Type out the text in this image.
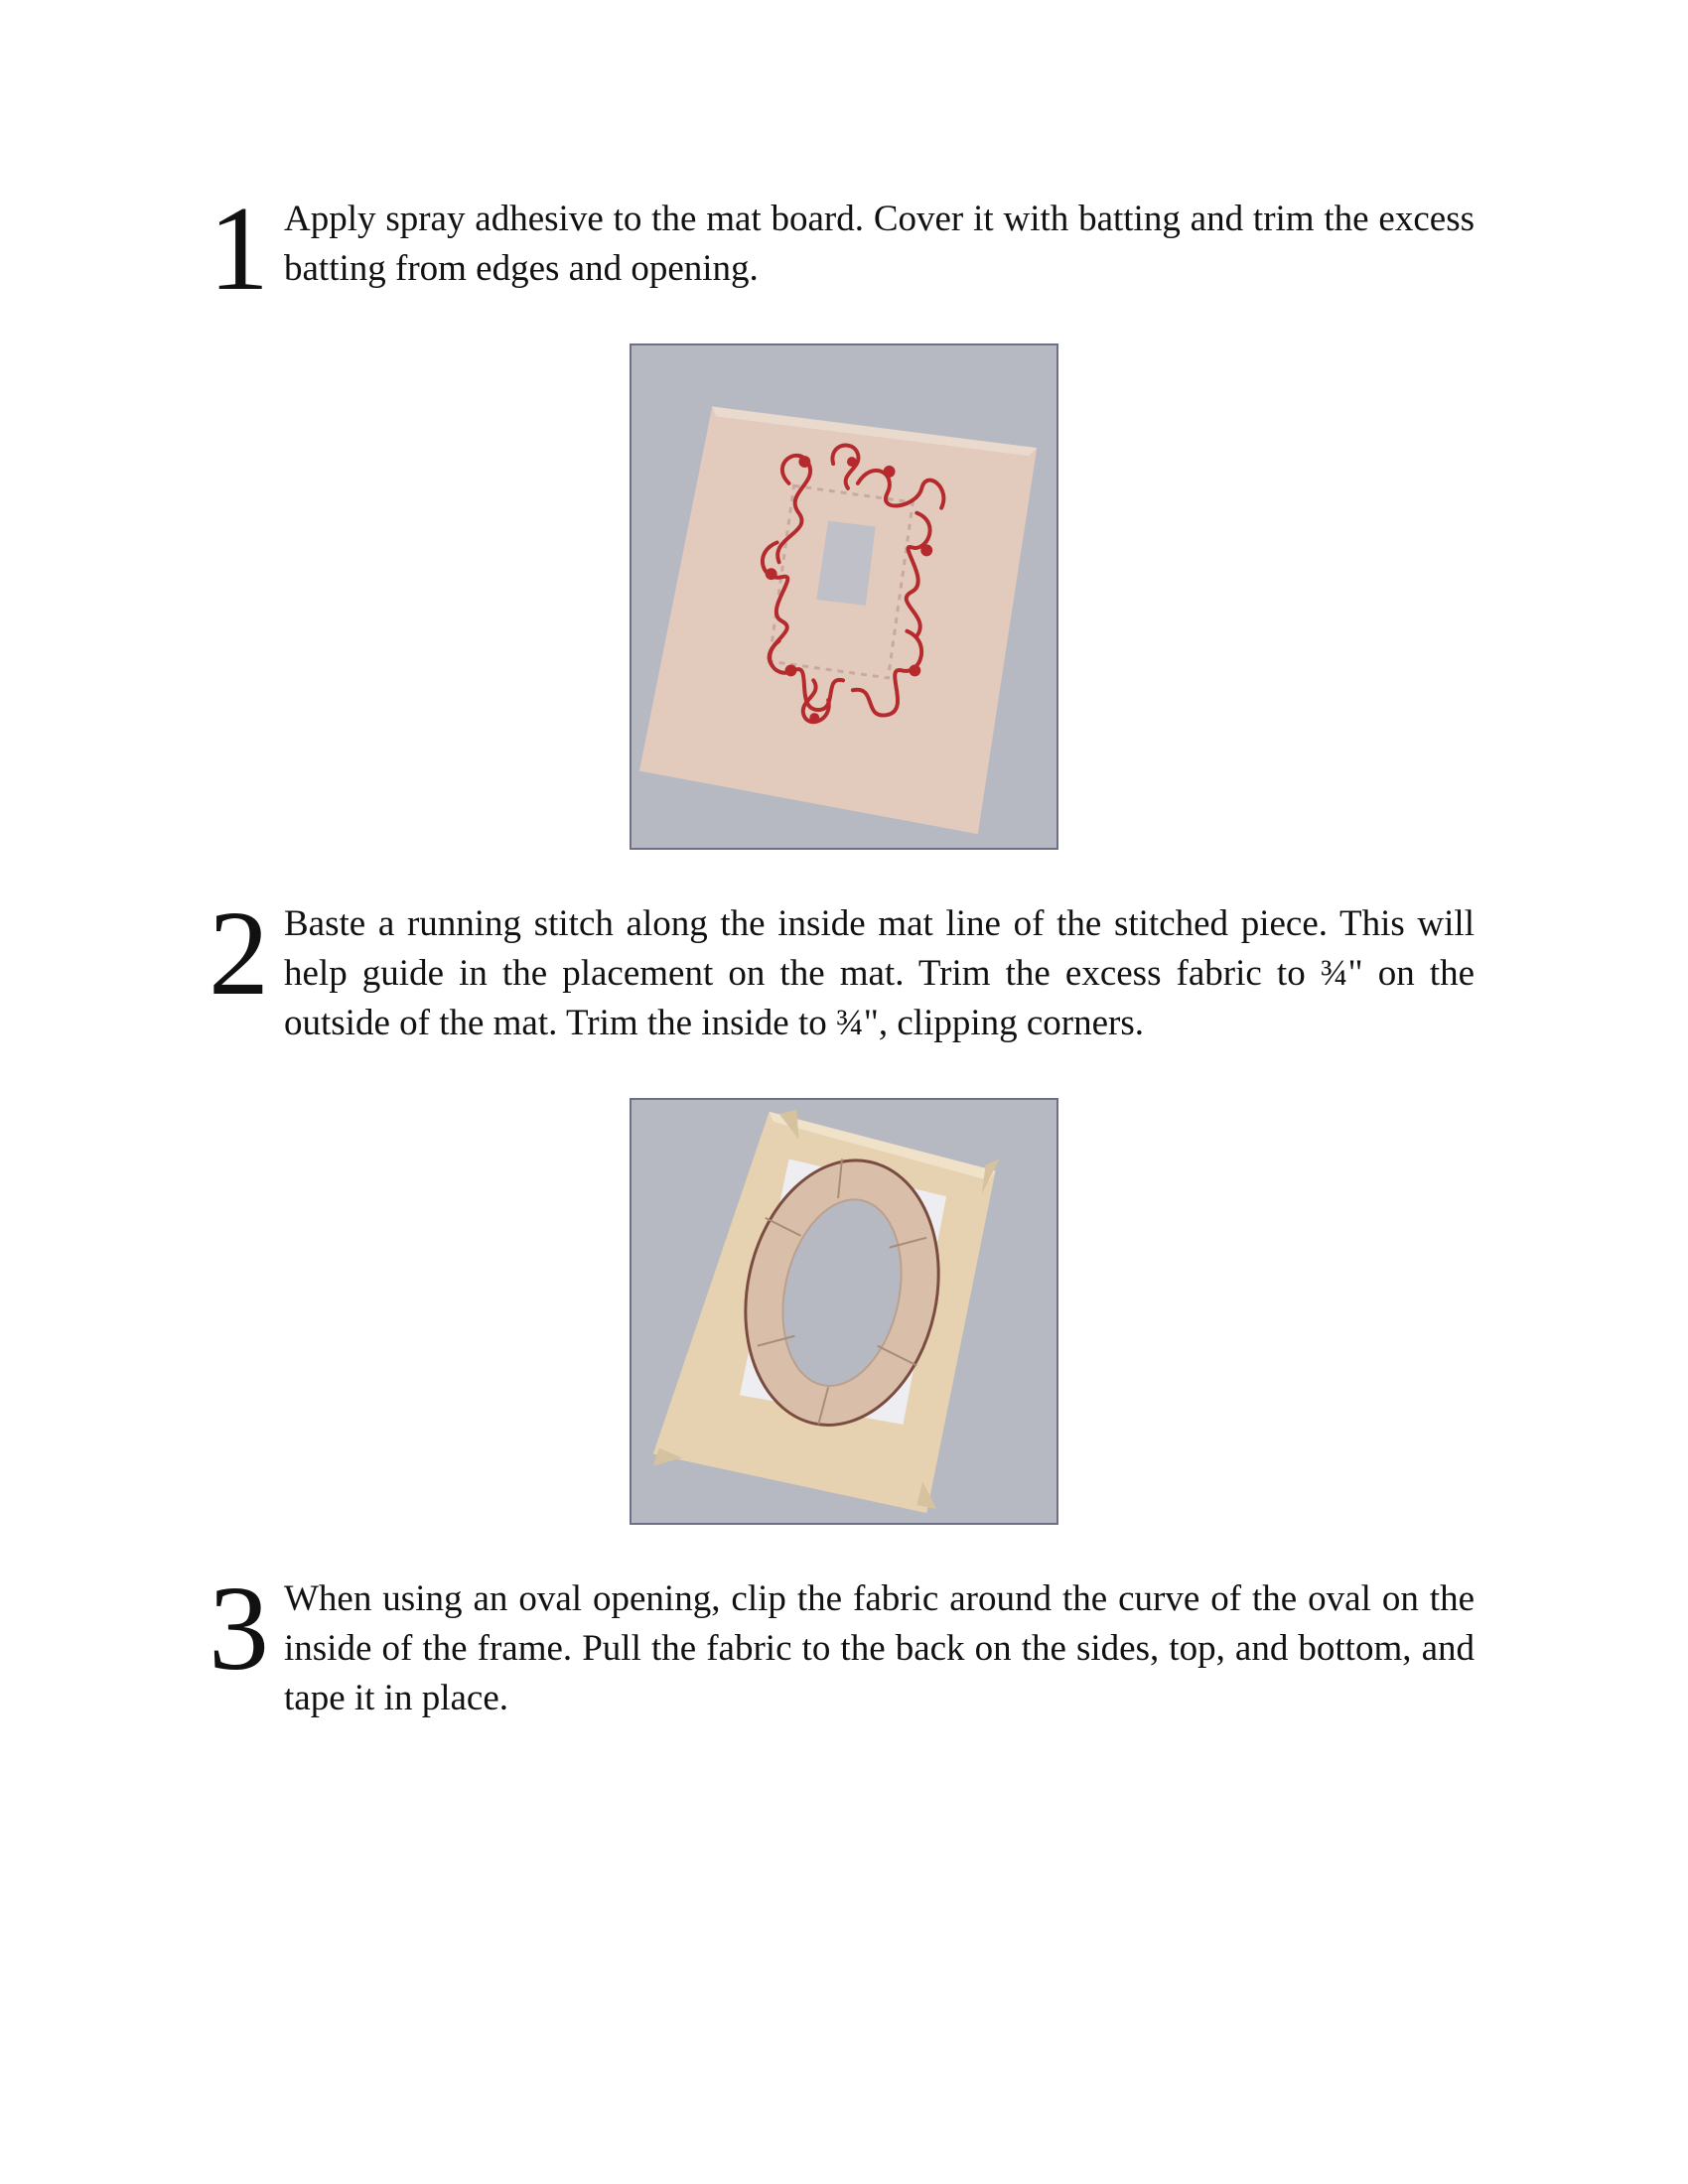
1 Apply spray adhesive to the mat board. Cover it with batting and trim the excess batting from edges and opening.
2 Baste a running stitch along the inside mat line of the stitched piece. This will help guide in the placement on the mat. Trim the excess fabric to ¾" on the outside of the mat. Trim the inside to ¾", clipping corners.
3 When using an oval opening, clip the fabric around the curve of the oval on the inside of the frame. Pull the fabric to the back on the sides, top, and bottom, and tape it in place.
